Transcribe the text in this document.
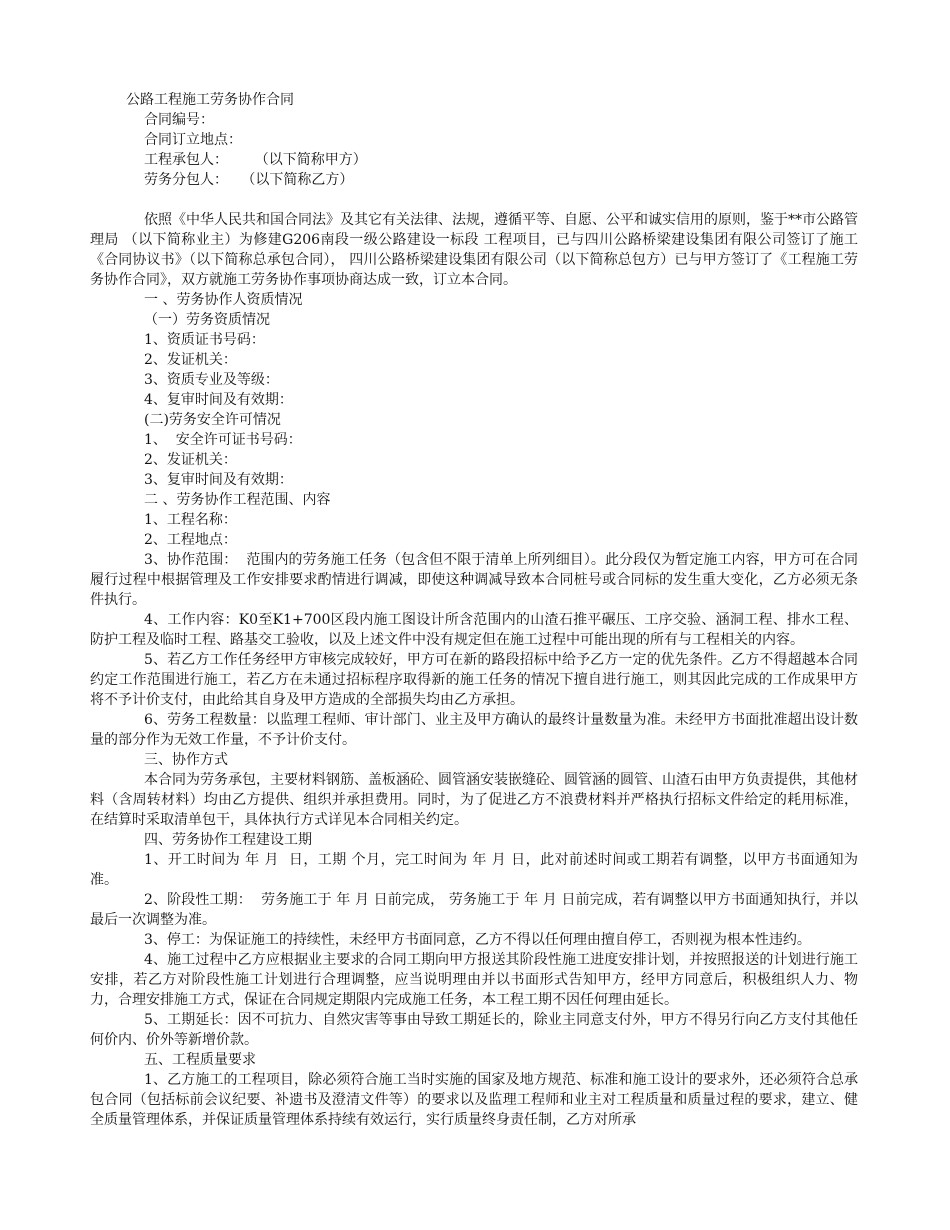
公路工程施工劳务协作合同
合同编号：
合同订立地点：
工程承包人：      （以下简称甲方）
劳务分包人：   （以下简称乙方）
依照《中华人民共和国合同法》及其它有关法律、法规，遵循平等、自愿、公平和诚实信用的原则，鉴于**市公路管理局 （以下简称业主）为修建G206南段一级公路建设一标段 工程项目，已与四川公路桥梁建设集团有限公司签订了施工《合同协议书》（以下简称总承包合同）， 四川公路桥梁建设集团有限公司（以下简称总包方）已与甲方签订了《工程施工劳务协作合同》，双方就施工劳务协作事项协商达成一致，订立本合同。
一 、劳务协作人资质情况
（一）劳务资质情况
1、资质证书号码：
2、发证机关：
3、资质专业及等级：
4、复审时间及有效期：
(二)劳务安全许可情况
1、  安全许可证书号码：
2、发证机关：
3、复审时间及有效期：
二 、劳务协作工程范围、内容
1、工程名称：
2、工程地点：
3、协作范围：  范围内的劳务施工任务（包含但不限于清单上所列细目）。此分段仅为暂定施工内容，甲方可在合同履行过程中根据管理及工作安排要求酌情进行调减，即使这种调减导致本合同桩号或合同标的发生重大变化，乙方必须无条件执行。
4、工作内容：K0至K1+700区段内施工图设计所含范围内的山渣石推平碾压、工序交验、涵洞工程、排水工程、防护工程及临时工程、路基交工验收，以及上述文件中没有规定但在施工过程中可能出现的所有与工程相关的内容。
5、若乙方工作任务经甲方审核完成较好，甲方可在新的路段招标中给予乙方一定的优先条件。乙方不得超越本合同约定工作范围进行施工，若乙方在未通过招标程序取得新的施工任务的情况下擅自进行施工，则其因此完成的工作成果甲方将不予计价支付，由此给其自身及甲方造成的全部损失均由乙方承担。
6、劳务工程数量：以监理工程师、审计部门、业主及甲方确认的最终计量数量为准。未经甲方书面批准超出设计数量的部分作为无效工作量，不予计价支付。
三、协作方式
本合同为劳务承包，主要材料钢筋、盖板涵砼、圆管涵安装嵌缝砼、圆管涵的圆管、山渣石由甲方负责提供，其他材料（含周转材料）均由乙方提供、组织并承担费用。同时，为了促进乙方不浪费材料并严格执行招标文件给定的耗用标准，在结算时采取清单包干，具体执行方式详见本合同相关约定。
四、劳务协作工程建设工期
1、开工时间为 年 月  日，工期 个月，完工时间为 年 月 日，此对前述时间或工期若有调整，以甲方书面通知为准。
2、阶段性工期：  劳务施工于 年 月 日前完成， 劳务施工于 年 月 日前完成，若有调整以甲方书面通知执行，并以最后一次调整为准。
3、停工：为保证施工的持续性，未经甲方书面同意，乙方不得以任何理由擅自停工，否则视为根本性违约。
4、施工过程中乙方应根据业主要求的合同工期向甲方报送其阶段性施工进度安排计划，并按照报送的计划进行施工安排，若乙方对阶段性施工计划进行合理调整，应当说明理由并以书面形式告知甲方，经甲方同意后，积极组织人力、物力，合理安排施工方式，保证在合同规定期限内完成施工任务，本工程工期不因任何理由延长。
5、工期延长：因不可抗力、自然灾害等事由导致工期延长的，除业主同意支付外，甲方不得另行向乙方支付其他任何价内、价外等新增价款。
五、工程质量要求
1、乙方施工的工程项目，除必须符合施工当时实施的国家及地方规范、标准和施工设计的要求外，还必须符合总承包合同（包括标前会议纪要、补遗书及澄清文件等）的要求以及监理工程师和业主对工程质量和质量过程的要求，建立、健全质量管理体系，并保证质量管理体系持续有效运行，实行质量终身责任制，乙方对所承
